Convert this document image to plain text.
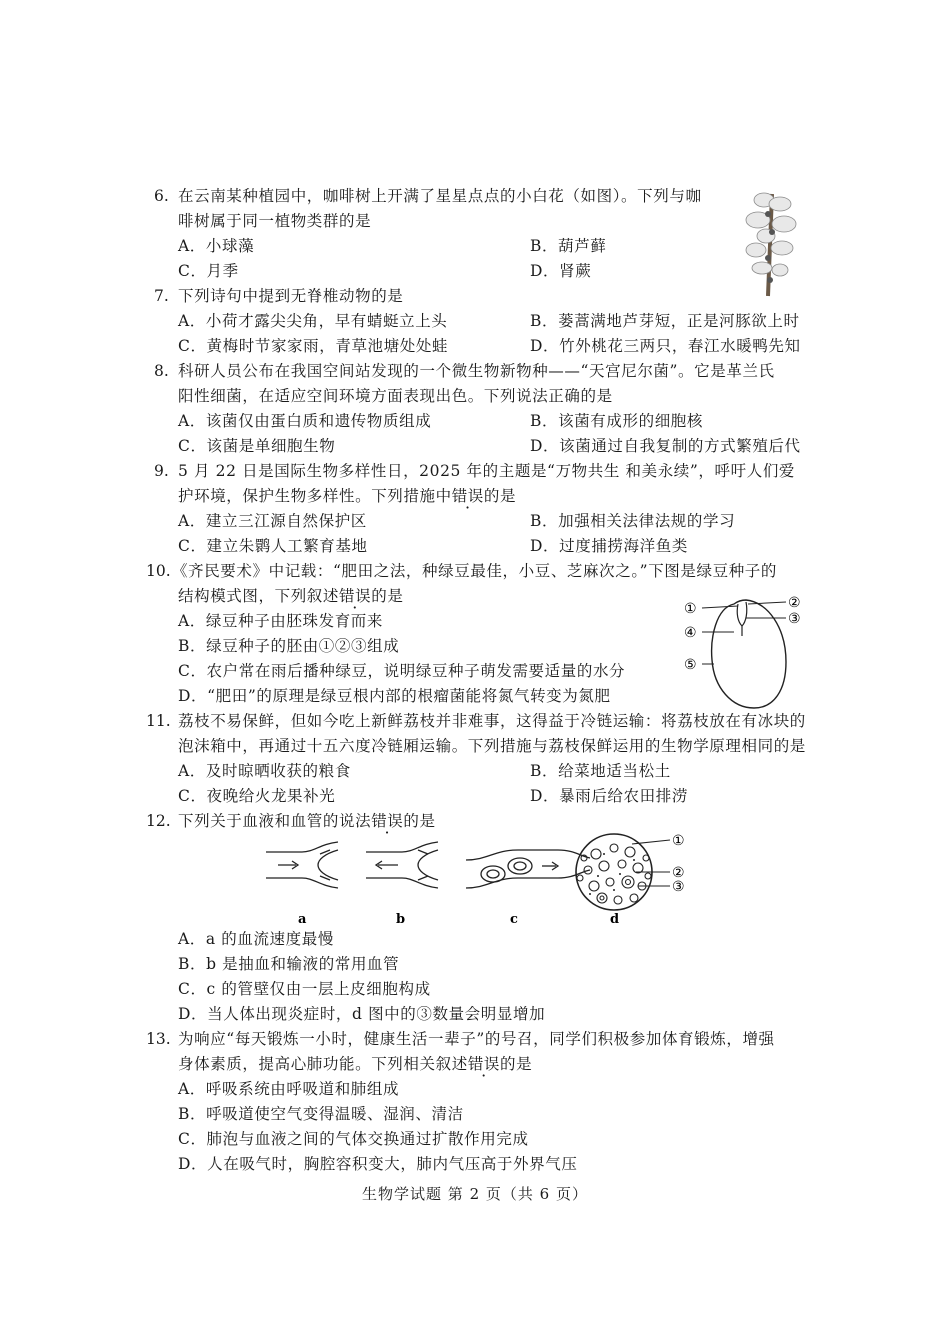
6. 在云南某种植园中，咖啡树上开满了星星点点的小白花（如图）。下列与咖
啡树属于同一植物类群的是
A．小球藻	B．葫芦藓
C．月季	D．肾蕨
7. 下列诗句中提到无脊椎动物的是
A．小荷才露尖尖角，早有蜻蜓立上头	B．蒌蒿满地芦芽短，正是河豚欲上时
C．黄梅时节家家雨，青草池塘处处蛙	D．竹外桃花三两只，春江水暖鸭先知
8. 科研人员公布在我国空间站发现的一个微生物新物种——“天宫尼尔菌”。它是革兰氏
阳性细菌，在适应空间环境方面表现出色。下列说法正确的是
A．该菌仅由蛋白质和遗传物质组成	B．该菌有成形的细胞核
C．该菌是单细胞生物	D．该菌通过自我复制的方式繁殖后代
9. 5 月 22 日是国际生物多样性日，2025 年的主题是“万物共生 和美永续”，呼吁人们爱
护环境，保护生物多样性。下列措施中错误的是
A．建立三江源自然保护区	B．加强相关法律法规的学习
C．建立朱鹮人工繁育基地	D．过度捕捞海洋鱼类
10. 《齐民要术》中记载：“肥田之法，种绿豆最佳，小豆、芝麻次之。”下图是绿豆种子的
结构模式图，下列叙述错误的是
A．绿豆种子由胚珠发育而来
B．绿豆种子的胚由①②③组成
C．农户常在雨后播种绿豆，说明绿豆种子萌发需要适量的水分
D．“肥田”的原理是绿豆根内部的根瘤菌能将氮气转变为氮肥
①	②
③
④
⑤
11. 荔枝不易保鲜，但如今吃上新鲜荔枝并非难事，这得益于冷链运输：将荔枝放在有冰块的
泡沫箱中，再通过十五六度冷链厢运输。下列措施与荔枝保鲜运用的生物学原理相同的是
A．及时晾晒收获的粮食	B．给菜地适当松土
C．夜晚给火龙果补光	D．暴雨后给农田排涝
12. 下列关于血液和血管的说法错误的是
①
②
③
a	b	c	d
A．a 的血流速度最慢
B．b 是抽血和输液的常用血管
C．c 的管壁仅由一层上皮细胞构成
D．当人体出现炎症时，d 图中的③数量会明显增加
13. 为响应“每天锻炼一小时，健康生活一辈子”的号召，同学们积极参加体育锻炼，增强
身体素质，提高心肺功能。下列相关叙述错误的是
A．呼吸系统由呼吸道和肺组成
B．呼吸道使空气变得温暖、湿润、清洁
C．肺泡与血液之间的气体交换通过扩散作用完成
D．人在吸气时，胸腔容积变大，肺内气压高于外界气压
生物学试题 第 2 页（共 6 页）
